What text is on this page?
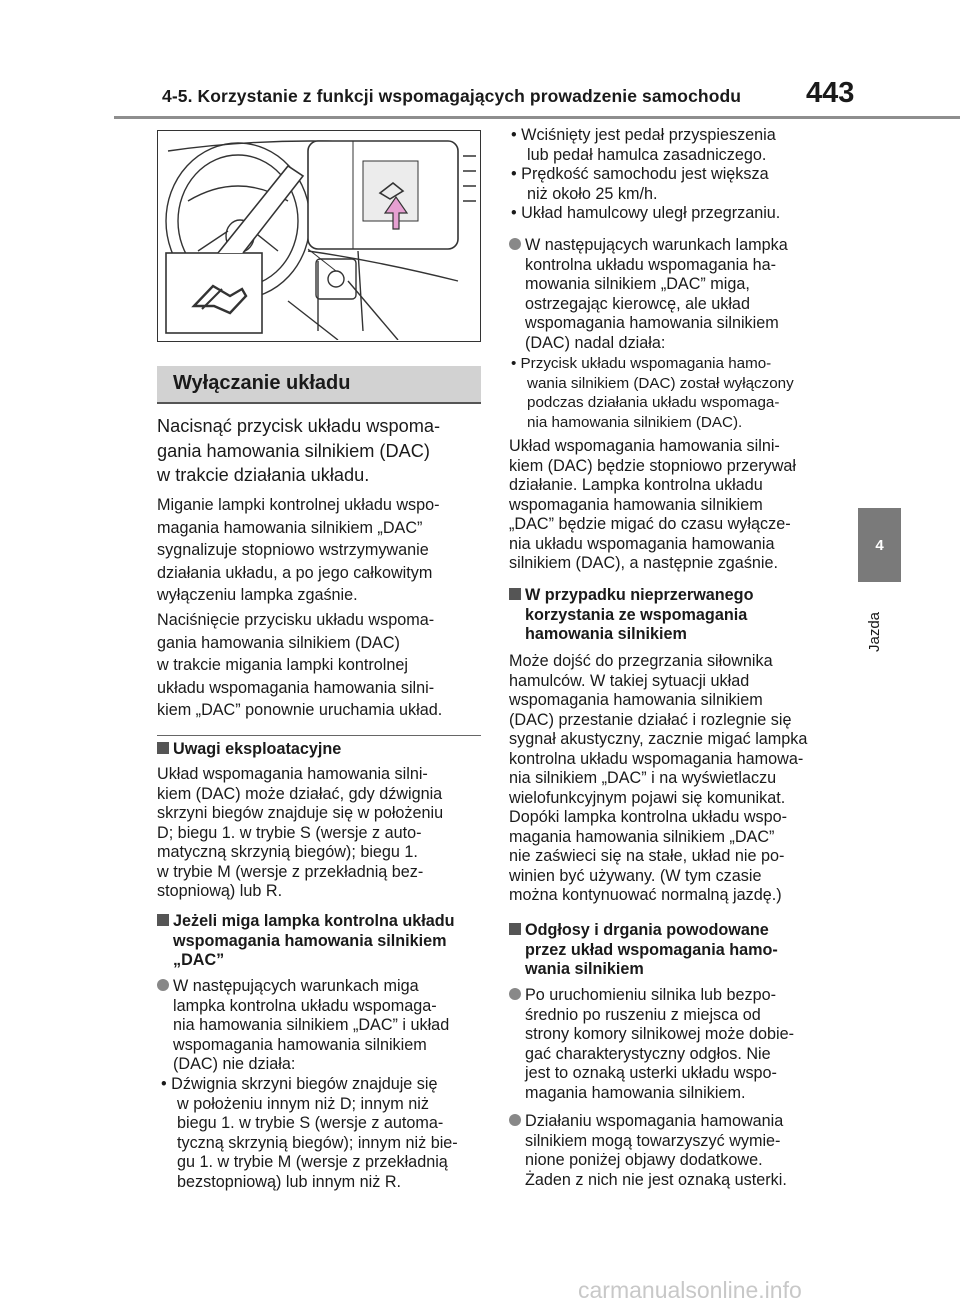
4-5. Korzystanie z funkcji wspomagających prowadzenie samochodu 443
4
Jazda
Wyłączanie układu
Nacisnąć przycisk układu wspoma-
gania hamowania silnikiem (DAC)
w trakcie działania układu.
Miganie lampki kontrolnej układu wspo-
magania hamowania silnikiem „DAC”
sygnalizuje stopniowo wstrzymywanie
działania układu, a po jego całkowitym
wyłączeniu lampka zgaśnie.
Naciśnięcie przycisku układu wspoma-
gania hamowania silnikiem (DAC)
w trakcie migania lampki kontrolnej
układu wspomagania hamowania silni-
kiem „DAC” ponownie uruchamia układ.
Uwagi eksploatacyjne
Układ wspomagania hamowania silni-
kiem (DAC) może działać, gdy dźwignia
skrzyni biegów znajduje się w położeniu
D; biegu 1. w trybie S (wersje z auto-
matyczną skrzynią biegów); biegu 1.
w trybie M (wersje z przekładnią bez-
stopniową) lub R.
Jeżeli miga lampka kontrolna układu
wspomagania hamowania silnikiem
„DAC”
W następujących warunkach miga
lampka kontrolna układu wspomaga-
nia hamowania silnikiem „DAC” i układ
wspomagania hamowania silnikiem
(DAC) nie działa:
• Dźwignia skrzyni biegów znajduje się
w położeniu innym niż D; innym niż
biegu 1. w trybie S (wersje z automa-
tyczną skrzynią biegów); innym niż bie-
gu 1. w trybie M (wersje z przekładnią
bezstopniową) lub innym niż R.
• Wciśnięty jest pedał przyspieszenia
lub pedał hamulca zasadniczego.
• Prędkość samochodu jest większa
niż około 25 km/h.
• Układ hamulcowy uległ przegrzaniu.
W następujących warunkach lampka
kontrolna układu wspomagania ha-
mowania silnikiem „DAC” miga,
ostrzegając kierowcę, ale układ
wspomagania hamowania silnikiem
(DAC) nadal działa:
• Przycisk układu wspomagania hamo-
wania silnikiem (DAC) został wyłączony
podczas działania układu wspomaga-
nia hamowania silnikiem (DAC).
Układ wspomagania hamowania silni-
kiem (DAC) będzie stopniowo przerywał
działanie. Lampka kontrolna układu
wspomagania hamowania silnikiem
„DAC” będzie migać do czasu wyłącze-
nia układu wspomagania hamowania
silnikiem (DAC), a następnie zgaśnie.
W przypadku nieprzerwanego
korzystania ze wspomagania
hamowania silnikiem
Może dojść do przegrzania siłownika
hamulców. W takiej sytuacji układ
wspomagania hamowania silnikiem
(DAC) przestanie działać i rozlegnie się
sygnał akustyczny, zacznie migać lampka
kontrolna układu wspomagania hamowa-
nia silnikiem „DAC” i na wyświetlaczu
wielofunkcyjnym pojawi się komunikat.
Dopóki lampka kontrolna układu wspo-
magania hamowania silnikiem „DAC”
nie zaświeci się na stałe, układ nie po-
winien być używany. (W tym czasie
można kontynuować normalną jazdę.)
Odgłosy i drgania powodowane
przez układ wspomagania hamo-
wania silnikiem
Po uruchomieniu silnika lub bezpo-
średnio po ruszeniu z miejsca od
strony komory silnikowej może dobie-
gać charakterystyczny odgłos. Nie
jest to oznaką usterki układu wspo-
magania hamowania silnikiem.
Działaniu wspomagania hamowania
silnikiem mogą towarzyszyć wymie-
nione poniżej objawy dodatkowe.
Żaden z nich nie jest oznaką usterki.
carmanualsonline.info
